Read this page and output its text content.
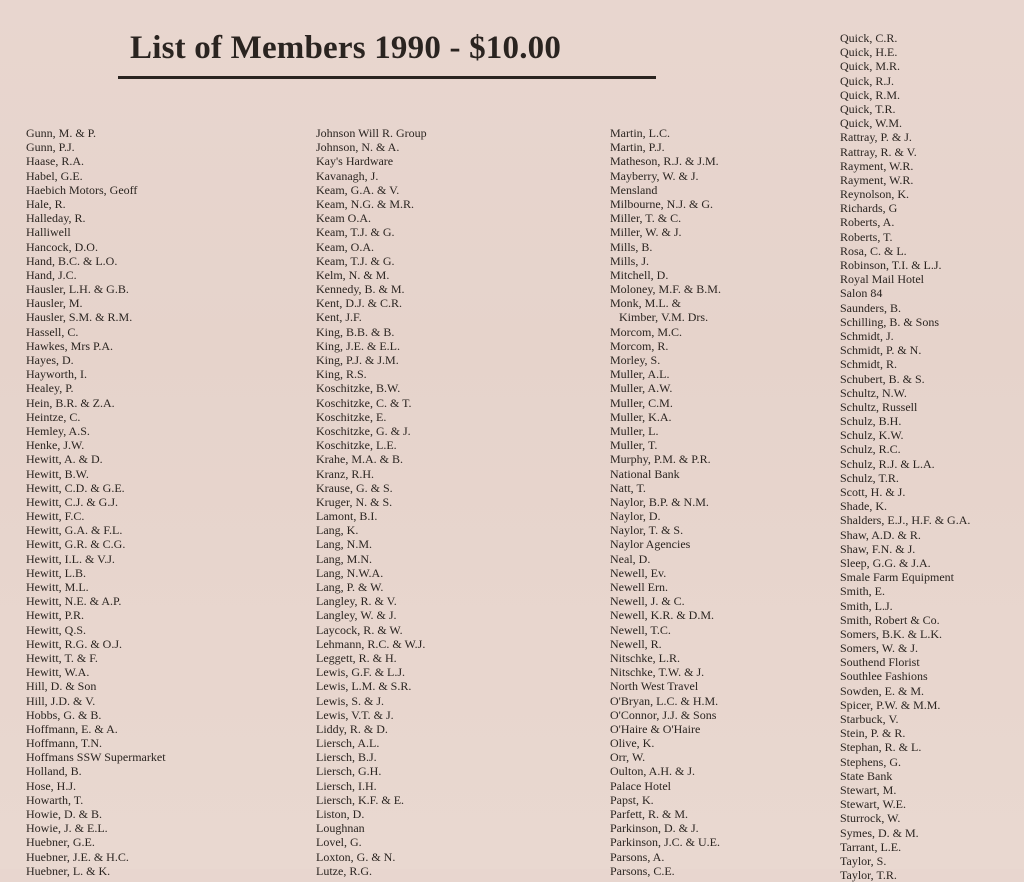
List of Members 1990 - $10.00
Gunn, M. & P.
Gunn, P.J.
Haase, R.A.
Habel, G.E.
Haebich Motors, Geoff
Hale, R.
Halleday, R.
Halliwell
Hancock, D.O.
Hand, B.C. & L.O.
Hand, J.C.
Hausler, L.H. & G.B.
Hausler, M.
Hausler, S.M. & R.M.
Hassell, C.
Hawkes, Mrs P.A.
Hayes, D.
Hayworth, I.
Healey, P.
Hein, B.R. & Z.A.
Heintze, C.
Hemley, A.S.
Henke, J.W.
Hewitt, A. & D.
Hewitt, B.W.
Hewitt, C.D. & G.E.
Hewitt, C.J. & G.J.
Hewitt, F.C.
Hewitt, G.A. & F.L.
Hewitt, G.R. & C.G.
Hewitt, I.L. & V.J.
Hewitt, L.B.
Hewitt, M.L.
Hewitt, N.E. & A.P.
Hewitt, P.R.
Hewitt, Q.S.
Hewitt, R.G. & O.J.
Hewitt, T. & F.
Hewitt, W.A.
Hill, D. & Son
Hill, J.D. & V.
Hobbs, G. & B.
Hoffmann, E. & A.
Hoffmann, T.N.
Hoffmans SSW Supermarket
Holland, B.
Hose, H.J.
Howarth, T.
Howie, D. & B.
Howie, J. & E.L.
Huebner, G.E.
Huebner, J.E. & H.C.
Huebner, L. & K.
Johnson Will R. Group
Johnson, N. & A.
Kay's Hardware
Kavanagh, J.
Keam, G.A. & V.
Keam, N.G. & M.R.
Keam O.A.
Keam, T.J. & G.
Keam, O.A.
Keam, T.J. & G.
Kelm, N. & M.
Kennedy, B. & M.
Kent, D.J. & C.R.
Kent, J.F.
King, B.B. & B.
King, J.E. & E.L.
King, P.J. & J.M.
King, R.S.
Koschitzke, B.W.
Koschitzke, C. & T.
Koschitzke, E.
Koschitzke, G. & J.
Koschitzke, L.E.
Krahe, M.A. & B.
Kranz, R.H.
Krause, G. & S.
Kruger, N. & S.
Lamont, B.I.
Lang, K.
Lang, N.M.
Lang, M.N.
Lang, N.W.A.
Lang, P. & W.
Langley, R. & V.
Langley, W. & J.
Laycock, R. & W.
Lehmann, R.C. & W.J.
Leggett, R. & H.
Lewis, G.F. & L.J.
Lewis, L.M. & S.R.
Lewis, S. & J.
Lewis, V.T. & J.
Liddy, R. & D.
Liersch, A.L.
Liersch, B.J.
Liersch, G.H.
Liersch, I.H.
Liersch, K.F. & E.
Liston, D.
Loughnan
Lovel, G.
Loxton, G. & N.
Lutze, R.G.
Martin, L.C.
Martin, P.J.
Matheson, R.J. & J.M.
Mayberry, W. & J.
Mensland
Milbourne, N.J. & G.
Miller, T. & C.
Miller, W. & J.
Mills, B.
Mills, J.
Mitchell, D.
Moloney, M.F. & B.M.
Monk, M.L. &
Kimber, V.M. Drs.
Morcom, M.C.
Morcom, R.
Morley, S.
Muller, A.L.
Muller, A.W.
Muller, C.M.
Muller, K.A.
Muller, L.
Muller, T.
Murphy, P.M. & P.R.
National Bank
Natt, T.
Naylor, B.P. & N.M.
Naylor, D.
Naylor, T. & S.
Naylor Agencies
Neal, D.
Newell, Ev.
Newell Ern.
Newell, J. & C.
Newell, K.R. & D.M.
Newell, T.C.
Newell, R.
Nitschke, L.R.
Nitschke, T.W. & J.
North West Travel
O'Bryan, L.C. & H.M.
O'Connor, J.J. & Sons
O'Haire & O'Haire
Olive, K.
Orr, W.
Oulton, A.H. & J.
Palace Hotel
Papst, K.
Parfett, R. & M.
Parkinson, D. & J.
Parkinson, J.C. & U.E.
Parsons, A.
Parsons, C.E.
Quick, C.R.
Quick, H.E.
Quick, M.R.
Quick, R.J.
Quick, R.M.
Quick, T.R.
Quick, W.M.
Rattray, P. & J.
Rattray, R. & V.
Rayment, W.R.
Rayment, W.R.
Reynolson, K.
Richards, G
Roberts, A.
Roberts, T.
Rosa, C. & L.
Robinson, T.I. & L.J.
Royal Mail Hotel
Salon 84
Saunders, B.
Schilling, B. & Sons
Schmidt, J.
Schmidt, P. & N.
Schmidt, R.
Schubert, B. & S.
Schultz, N.W.
Schultz, Russell
Schulz, B.H.
Schulz, K.W.
Schulz, R.C.
Schulz, R.J. & L.A.
Schulz, T.R.
Scott, H. & J.
Shade, K.
Shalders, E.J., H.F. & G.A.
Shaw, A.D. & R.
Shaw, F.N. & J.
Sleep, G.G. & J.A.
Smale Farm Equipment
Smith, E.
Smith, L.J.
Smith, Robert & Co.
Somers, B.K. & L.K.
Somers, W. & J.
Southend Florist
Southlee Fashions
Sowden, E. & M.
Spicer, P.W. & M.M.
Starbuck, V.
Stein, P. & R.
Stephan, R. & L.
Stephens, G.
State Bank
Stewart, M.
Stewart, W.E.
Sturrock, W.
Symes, D. & M.
Tarrant, L.E.
Taylor, S.
Taylor, T.R.
